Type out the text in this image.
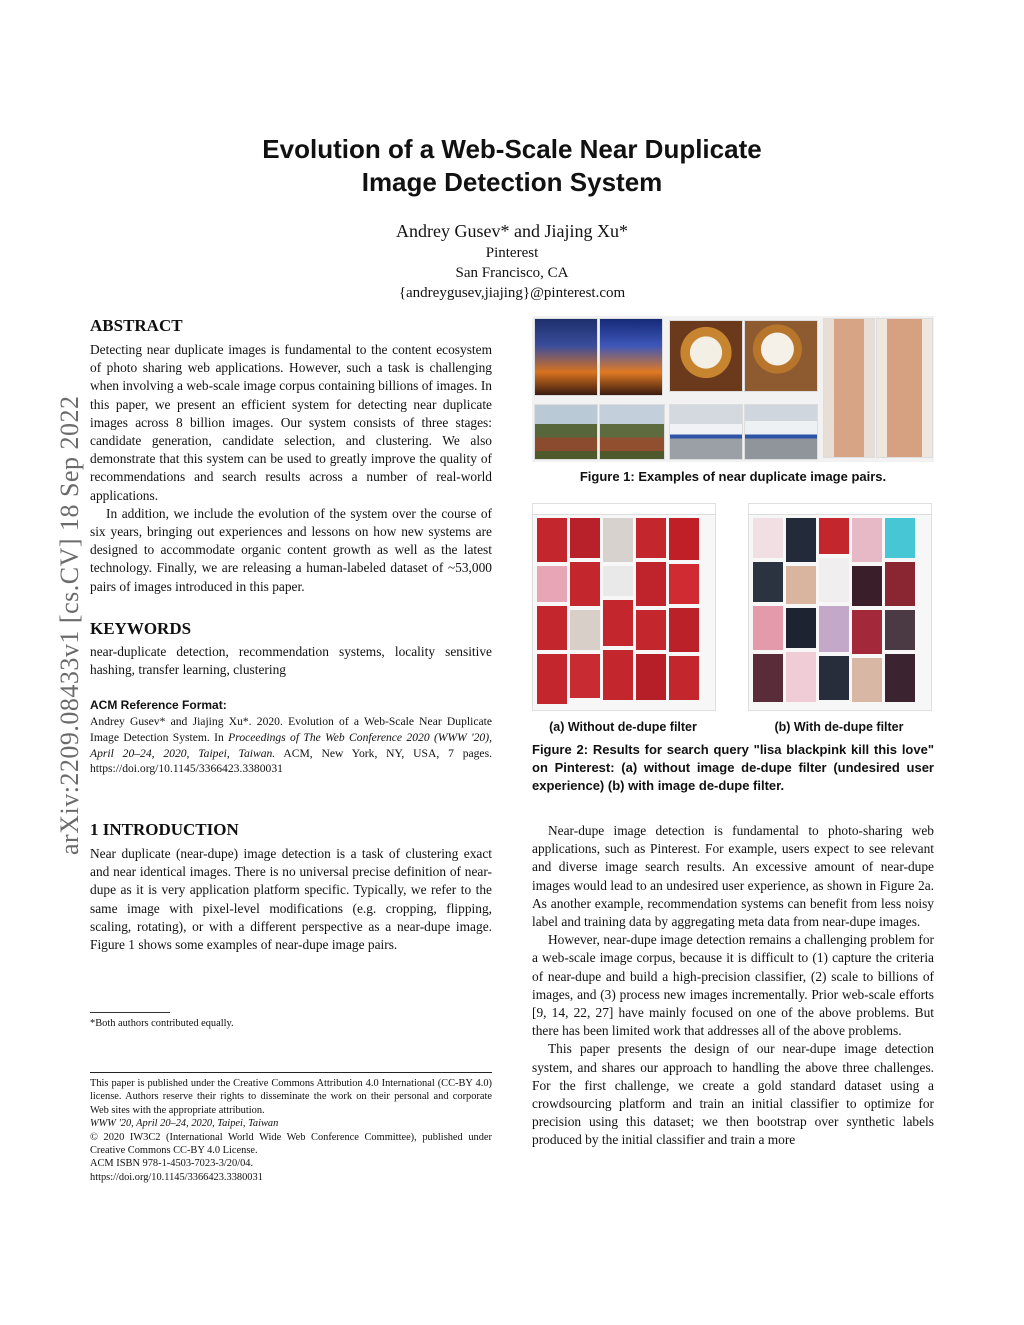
arXiv:2209.08433v1 [cs.CV] 18 Sep 2022
Evolution of a Web-Scale Near Duplicate
Image Detection System
Andrey Gusev* and Jiajing Xu*
Pinterest
San Francisco, CA
{andreygusev,jiajing}@pinterest.com
ABSTRACT

Detecting near duplicate images is fundamental to the content ecosystem of photo sharing web applications. However, such a task is challenging when involving a web-scale image corpus containing billions of images. In this paper, we present an efficient system for detecting near duplicate images across 8 billion images. Our system consists of three stages: candidate generation, candidate selection, and clustering. We also demonstrate that this system can be used to greatly improve the quality of recommendations and search results across a number of real-world applications.

In addition, we include the evolution of the system over the course of six years, bringing out experiences and lessons on how new systems are designed to accommodate organic content growth as well as the latest technology. Finally, we are releasing a human-labeled dataset of ~53,000 pairs of images introduced in this paper.

KEYWORDS
near-duplicate detection, recommendation systems, locality sensitive hashing, transfer learning, clustering
ACM Reference Format:
Andrey Gusev* and Jiajing Xu*. 2020. Evolution of a Web-Scale Near Duplicate Image Detection System. In Proceedings of The Web Conference 2020 (WWW '20), April 20–24, 2020, Taipei, Taiwan. ACM, New York, NY, USA, 7 pages. https://doi.org/10.1145/3366423.3380031
1 INTRODUCTION
Near duplicate (near-dupe) image detection is a task of clustering exact and near identical images. There is no universal precise definition of near-dupe as it is very application platform specific. Typically, we refer to the same image with pixel-level modifications (e.g. cropping, flipping, scaling, rotating), or with a different perspective as a near-dupe image. Figure 1 shows some examples of near-dupe image pairs.
*Both authors contributed equally.
This paper is published under the Creative Commons Attribution 4.0 International (CC-BY 4.0) license. Authors reserve their rights to disseminate the work on their personal and corporate Web sites with the appropriate attribution.
WWW '20, April 20–24, 2020, Taipei, Taiwan
© 2020 IW3C2 (International World Wide Web Conference Committee), published under Creative Commons CC-BY 4.0 License.
ACM ISBN 978-1-4503-7023-3/20/04.
https://doi.org/10.1145/3366423.3380031
Figure 1: Examples of near duplicate image pairs.
(a) Without de-dupe filter	(b) With de-dupe filter
Figure 2: Results for search query "lisa blackpink kill this love" on Pinterest: (a) without image de-dupe filter (undesired user experience) (b) with image de-dupe filter.

Near-dupe image detection is fundamental to photo-sharing web applications, such as Pinterest. For example, users expect to see relevant and diverse image search results. An excessive amount of near-dupe images would lead to an undesired user experience, as shown in Figure 2a. As another example, recommendation systems can benefit from less noisy label and training data by aggregating meta data from near-dupe images.

However, near-dupe image detection remains a challenging problem for a web-scale image corpus, because it is difficult to (1) capture the criteria of near-dupe and build a high-precision classifier, (2) scale to billions of images, and (3) process new images incrementally. Prior web-scale efforts [9, 14, 22, 27] have mainly focused on one of the above problems. But there has been limited work that addresses all of the above problems.

This paper presents the design of our near-dupe image detection system, and shares our approach to handling the above three challenges. For the first challenge, we create a gold standard dataset using a crowdsourcing platform and train an initial classifier to optimize for precision using this dataset; we then bootstrap over synthetic labels produced by the initial classifier and train a more
